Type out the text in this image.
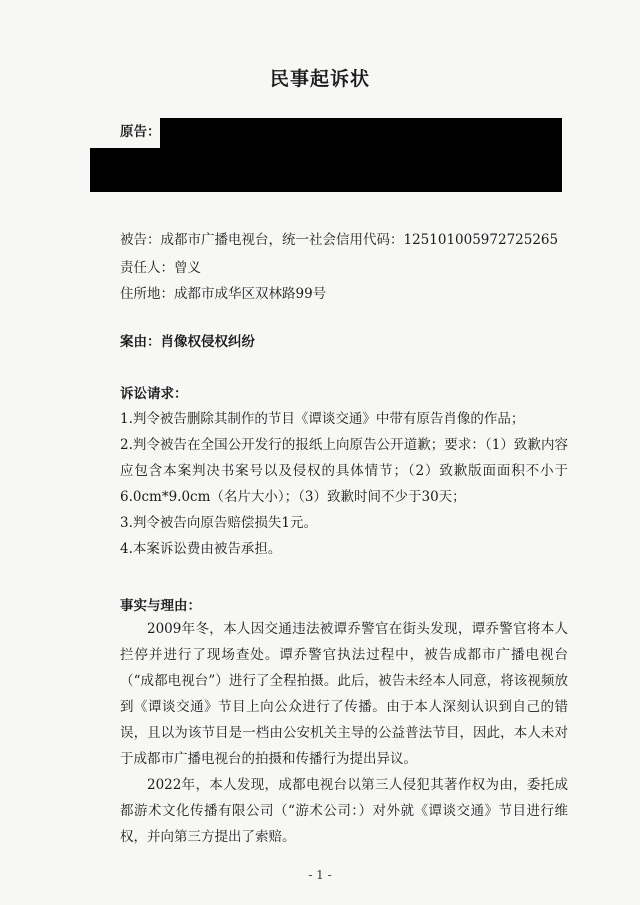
民事起诉状
原告：
被告：成都市广播电视台，统一社会信用代码：125101005972725265
责任人：曾义
住所地：成都市成华区双林路99号
案由：肖像权侵权纠纷
诉讼请求：
1.判令被告删除其制作的节目《谭谈交通》中带有原告肖像的作品；
2.判令被告在全国公开发行的报纸上向原告公开道歉；要求：（1）致歉内容应包含本案判决书案号以及侵权的具体情节；（2）致歉版面面积不小于6.0cm*9.0cm（名片大小）；（3）致歉时间不少于30天；
3.判令被告向原告赔偿损失1元。
4.本案诉讼费由被告承担。
事实与理由：
2009年冬，本人因交通违法被谭乔警官在街头发现，谭乔警官将本人拦停并进行了现场查处。谭乔警官执法过程中，被告成都市广播电视台（“成都电视台”）进行了全程拍摄。此后，被告未经本人同意，将该视频放到《谭谈交通》节目上向公众进行了传播。由于本人深刻认识到自己的错误，且以为该节目是一档由公安机关主导的公益普法节目，因此，本人未对于成都市广播电视台的拍摄和传播行为提出异议。
2022年，本人发现，成都电视台以第三人侵犯其著作权为由，委托成都游术文化传播有限公司（“游术公司：）对外就《谭谈交通》节目进行维权，并向第三方提出了索赔。
- 1 -
